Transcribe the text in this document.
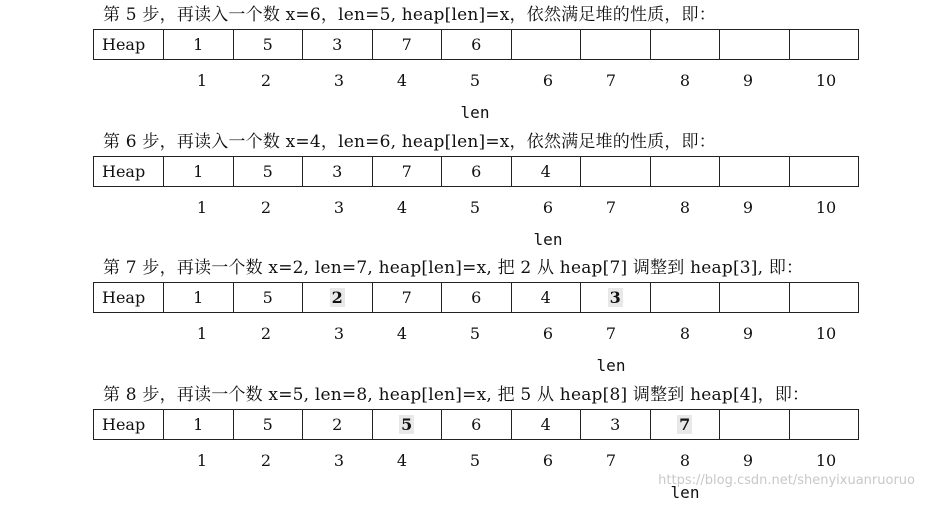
第 5 步，再读入一个数 x=6，len=5, heap[len]=x，依然满足堆的性质，即：
Heap	1	5	3	7	6
1	2	3	4	5	6	7	8	9	10
len
第 6 步，再读入一个数 x=4，len=6, heap[len]=x，依然满足堆的性质，即：
Heap	1	5	3	7	6	4
1	2	3	4	5	6	7	8	9	10
len
第 7 步，再读一个数 x=2, len=7, heap[len]=x, 把 2 从 heap[7] 调整到 heap[3], 即：
Heap	1	5	2	7	6	4	3
1	2	3	4	5	6	7	8	9	10
len
第 8 步，再读一个数 x=5, len=8, heap[len]=x, 把 5 从 heap[8] 调整到 heap[4]，即：
Heap	1	5	2	5	6	4	3	7
1	2	3	4	5	6	7	8	9	10
len
https://blog.csdn.net/shenyixuanruoruo
